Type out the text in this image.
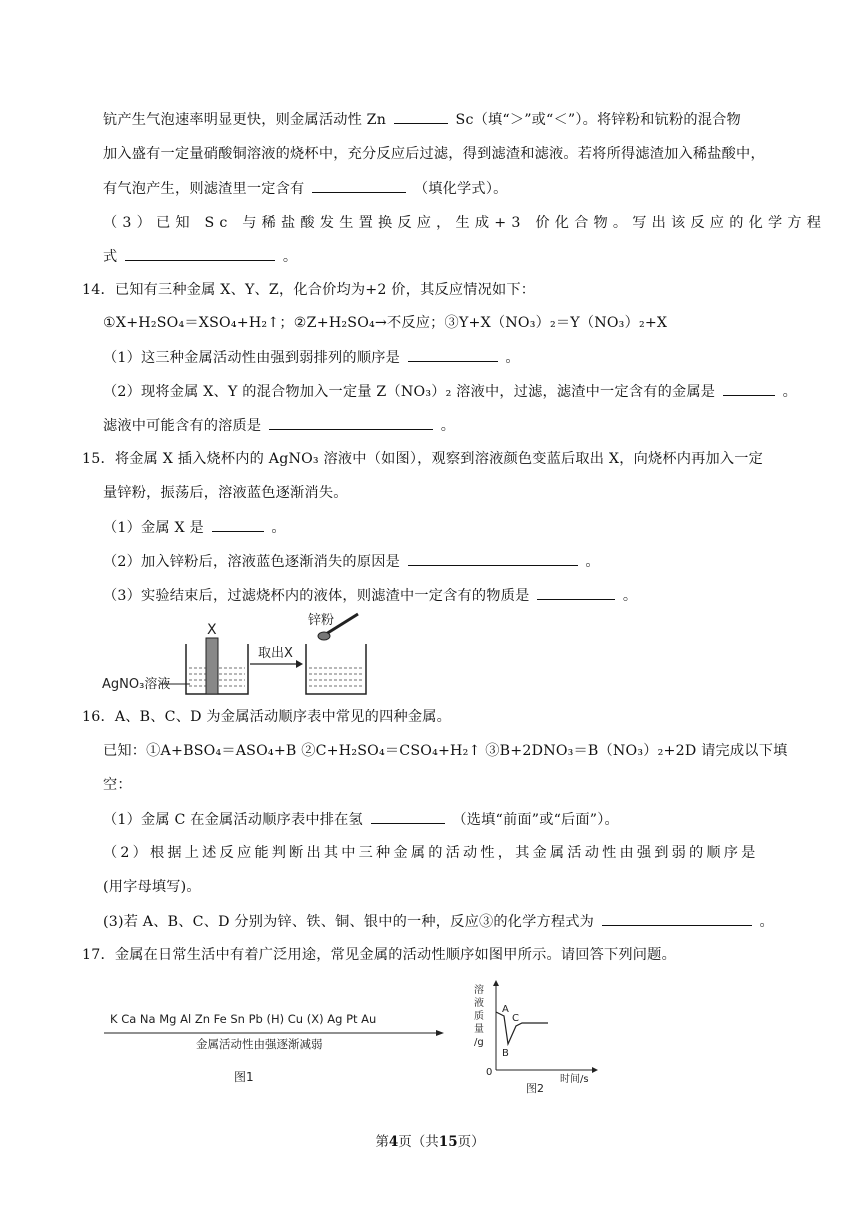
钪产生气泡速率明显更快，则金属活动性 Zn	Sc（填“＞”或“＜”）。将锌粉和钪粉的混合物
加入盛有一定量硝酸铜溶液的烧杯中，充分反应后过滤，得到滤渣和滤液。若将所得滤渣加入稀盐酸中，
有气泡产生，则滤渣里一定含有	（填化学式）。
（3）已知 Sc 与稀盐酸发生置换反应，生成+3 价化合物。写出该反应的化学方程
式	。
14．已知有三种金属 X、Y、Z，化合价均为+2 价，其反应情况如下：
①X+H₂SO₄＝XSO₄+H₂↑；②Z+H₂SO₄→不反应；③Y+X（NO₃）₂＝Y（NO₃）₂+X
（1）这三种金属活动性由强到弱排列的顺序是	。
（2）现将金属 X、Y 的混合物加入一定量 Z（NO₃）₂ 溶液中，过滤，滤渣中一定含有的金属是	。
滤液中可能含有的溶质是	。
15．将金属 X 插入烧杯内的 AgNO₃ 溶液中（如图），观察到溶液颜色变蓝后取出 X，向烧杯内再加入一定
量锌粉，振荡后，溶液蓝色逐渐消失。
（1）金属 X 是	。
（2）加入锌粉后，溶液蓝色逐渐消失的原因是	。
（3）实验结束后，过滤烧杯内的液体，则滤渣中一定含有的物质是	。
X
AgNO₃溶液
取出X
锌粉
16．A、B、C、D 为金属活动顺序表中常见的四种金属。
已知：①A+BSO₄＝ASO₄+B ②C+H₂SO₄＝CSO₄+H₂↑ ③B+2DNO₃＝B（NO₃）₂+2D 请完成以下填
空：
（1）金属 C 在金属活动顺序表中排在氢	（选填“前面”或“后面”）。
（2）根据上述反应能判断出其中三种金属的活动性，其金属活动性由强到弱的顺序是
(用字母填写)。
(3)若 A、B、C、D 分别为锌、铁、铜、银中的一种，反应③的化学方程式为	。
17．金属在日常生活中有着广泛用途，常见金属的活动性顺序如图甲所示。请回答下列问题。
K Ca Na Mg Al Zn Fe Sn Pb (H) Cu (X) Ag Pt Au
金属活动性由强逐渐减弱
图1
溶
液
质
量
/g
A
B
C
0
时间/s
图2
第4页（共15页）
